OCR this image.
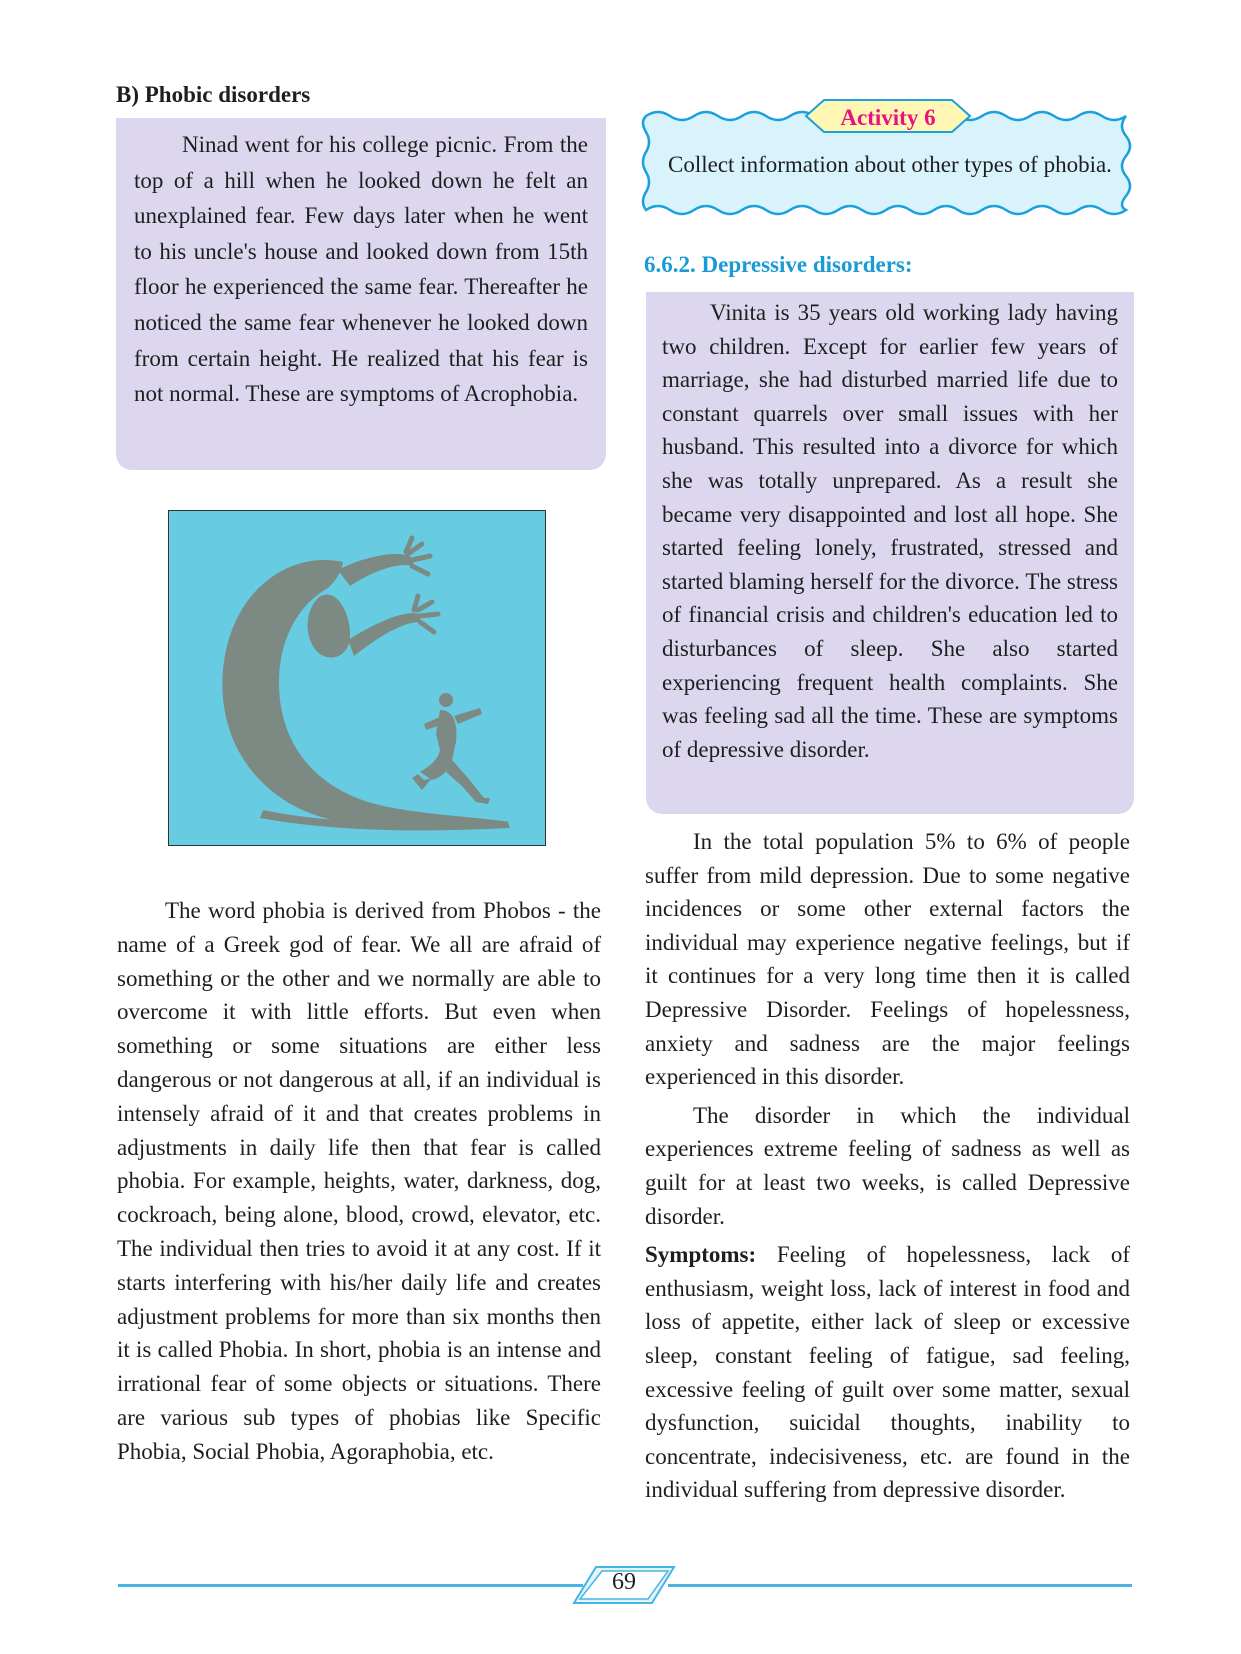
B) Phobic disorders

Ninad went for his college picnic. From the top of a hill when he looked down he felt an unexplained fear. Few days later when he went to his uncle's house and looked down from 15th floor he experienced the same fear. Thereafter he noticed the same fear whenever he looked down from certain height. He realized that his fear is not normal. These are symptoms of Acrophobia.

The word phobia is derived from Phobos - the name of a Greek god of fear. We all are afraid of something or the other and we normally are able to overcome it with little efforts. But even when something or some situations are either less dangerous or not dangerous at all, if an individual is intensely afraid of it and that creates problems in adjustments in daily life then that fear is called phobia. For example, heights, water, darkness, dog, cockroach, being alone, blood, crowd, elevator, etc. The individual then tries to avoid it at any cost. If it starts interfering with his/her daily life and creates adjustment problems for more than six months then it is called Phobia. In short, phobia is an intense and irrational fear of some objects or situations. There are various sub types of phobias like Specific Phobia, Social Phobia, Agoraphobia, etc.

Activity 6

Collect information about other types of phobia.

6.6.2. Depressive disorders:

Vinita is 35 years old working lady having two children. Except for earlier few years of marriage, she had disturbed married life due to constant quarrels over small issues with her husband. This resulted into a divorce for which she was totally unprepared. As a result she became very disappointed and lost all hope. She started feeling lonely, frustrated, stressed and started blaming herself for the divorce. The stress of financial crisis and children's education led to disturbances of sleep. She also started experiencing frequent health complaints. She was feeling sad all the time. These are symptoms of depressive disorder.

In the total population 5% to 6% of people suffer from mild depression. Due to some negative incidences or some other external factors the individual may experience negative feelings, but if it continues for a very long time then it is called Depressive Disorder. Feelings of hopelessness, anxiety and sadness are the major feelings experienced in this disorder.

The disorder in which the individual experiences extreme feeling of sadness as well as guilt for at least two weeks, is called Depressive disorder.

Symptoms: Feeling of hopelessness, lack of enthusiasm, weight loss, lack of interest in food and loss of appetite, either lack of sleep or excessive sleep, constant feeling of fatigue, sad feeling, excessive feeling of guilt over some matter, sexual dysfunction, suicidal thoughts, inability to concentrate, indecisiveness, etc. are found in the individual suffering from depressive disorder.

69
